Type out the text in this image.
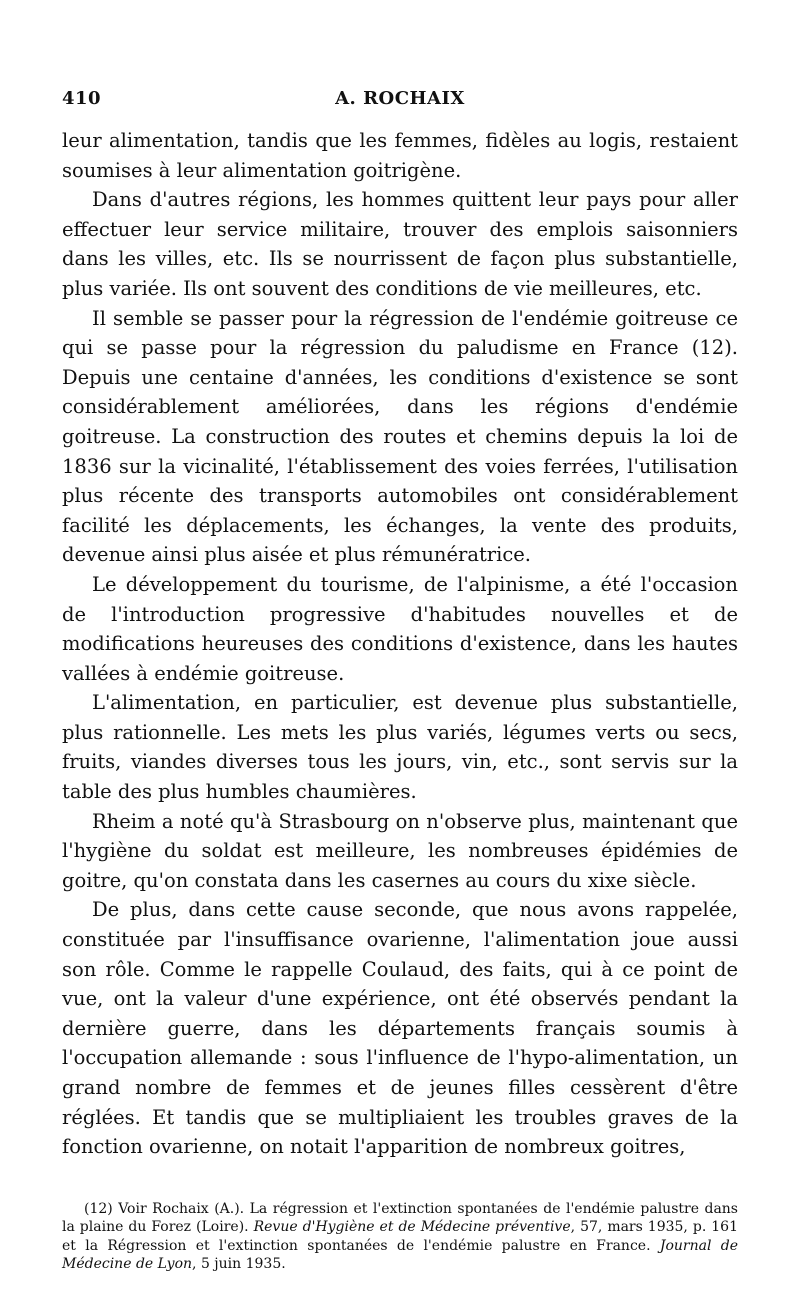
410	A. ROCHAIX

leur alimentation, tandis que les femmes, fidèles au logis, restaient soumises à leur alimentation goitrigène.

Dans d'autres régions, les hommes quittent leur pays pour aller effectuer leur service militaire, trouver des emplois saisonniers dans les villes, etc. Ils se nourrissent de façon plus substantielle, plus variée. Ils ont souvent des conditions de vie meilleures, etc.

Il semble se passer pour la régression de l'endémie goitreuse ce qui se passe pour la régression du paludisme en France (12). Depuis une centaine d'années, les conditions d'existence se sont considérablement améliorées, dans les régions d'endémie goitreuse. La construction des routes et chemins depuis la loi de 1836 sur la vicinalité, l'établissement des voies ferrées, l'utilisation plus récente des transports automobiles ont considérablement facilité les déplacements, les échanges, la vente des produits, devenue ainsi plus aisée et plus rémunératrice.

Le développement du tourisme, de l'alpinisme, a été l'occasion de l'introduction progressive d'habitudes nouvelles et de modifications heureuses des conditions d'existence, dans les hautes vallées à endémie goitreuse.

L'alimentation, en particulier, est devenue plus substantielle, plus rationnelle. Les mets les plus variés, légumes verts ou secs, fruits, viandes diverses tous les jours, vin, etc., sont servis sur la table des plus humbles chaumières.

Rheim a noté qu'à Strasbourg on n'observe plus, maintenant que l'hygiène du soldat est meilleure, les nombreuses épidémies de goitre, qu'on constata dans les casernes au cours du xixe siècle.

De plus, dans cette cause seconde, que nous avons rappelée, constituée par l'insuffisance ovarienne, l'alimentation joue aussi son rôle. Comme le rappelle Coulaud, des faits, qui à ce point de vue, ont la valeur d'une expérience, ont été observés pendant la dernière guerre, dans les départements français soumis à l'occupation allemande : sous l'influence de l'hypo-alimentation, un grand nombre de femmes et de jeunes filles cessèrent d'être réglées. Et tandis que se multipliaient les troubles graves de la fonction ovarienne, on notait l'apparition de nombreux goitres,

(12) Voir Rochaix (A.). La régression et l'extinction spontanées de l'endémie palustre dans la plaine du Forez (Loire). Revue d'Hygiène et de Médecine préventive, 57, mars 1935, p. 161 et la Régression et l'extinction spontanées de l'endémie palustre en France. Journal de Médecine de Lyon, 5 juin 1935.
